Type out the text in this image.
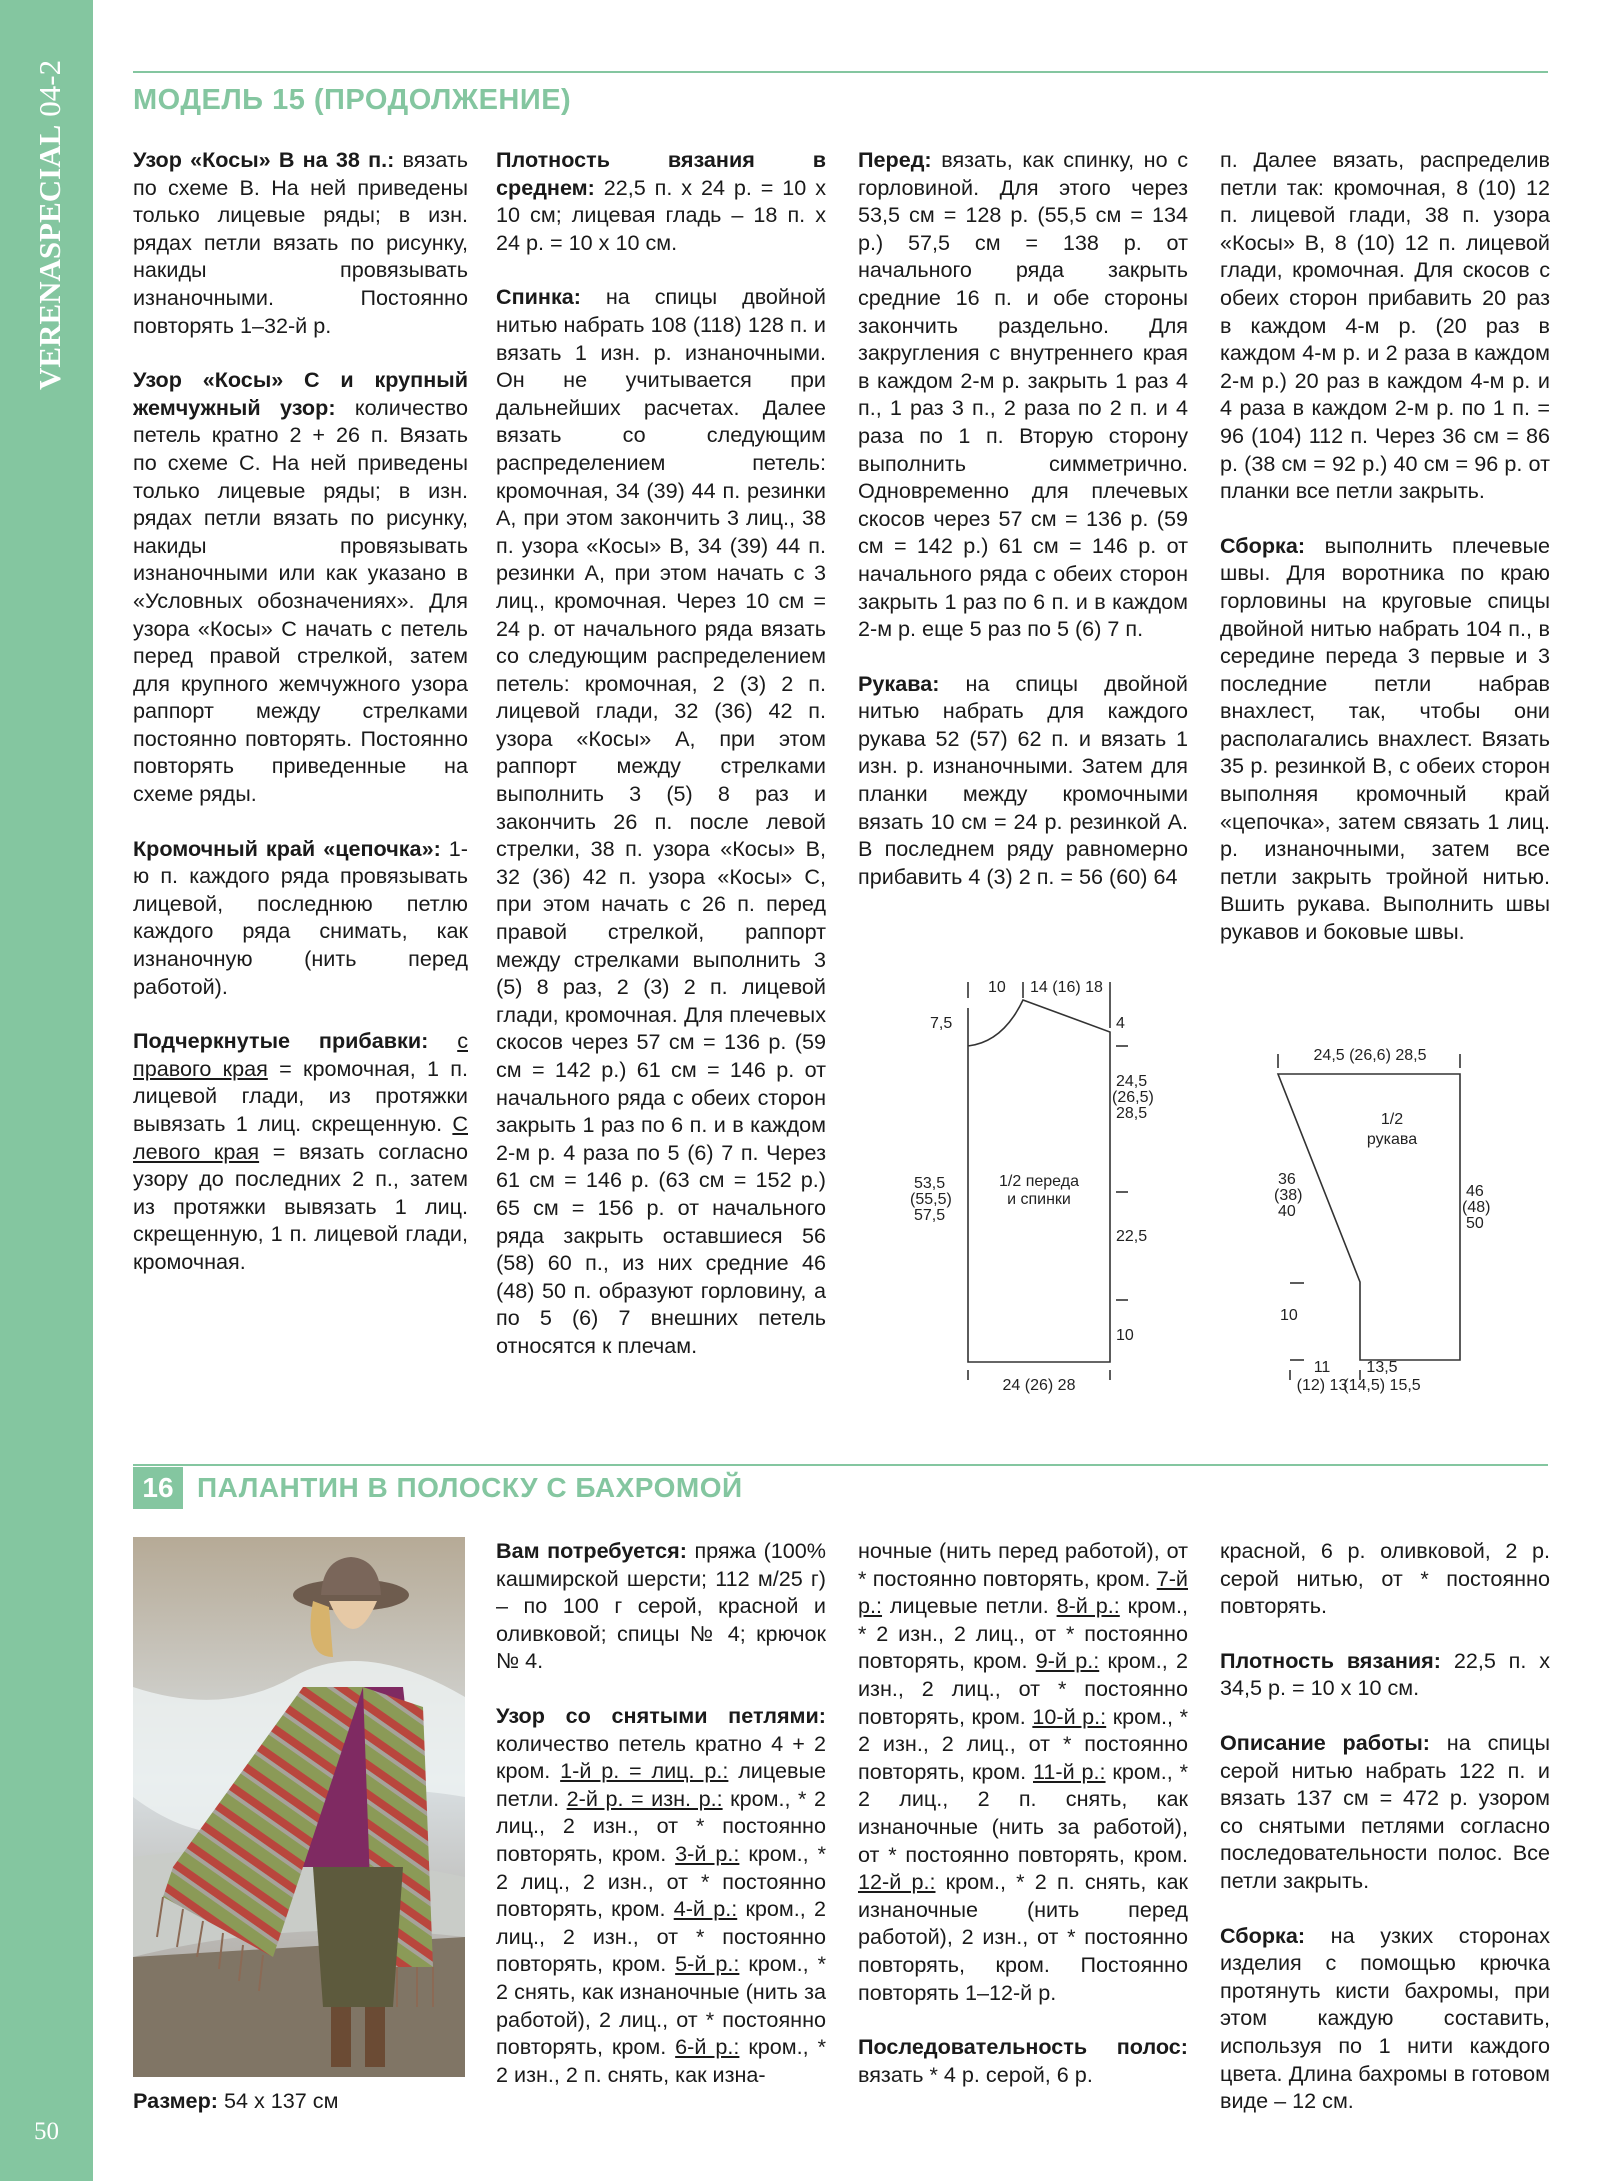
VERENASPECIAL04-2025
50
МОДЕЛЬ 15 (ПРОДОЛЖЕНИЕ)

Узор «Косы» В на 38 п.: вязать по схеме В. На ней приведены только лицевые ряды; в изн. рядах петли вязать по рисунку, накиды провязывать изнаночными. Постоянно повторять 1–32-й р.

Узор «Косы» С и крупный жемчужный узор: количество петель кратно 2 + 26 п. Вязать по схеме С. На ней приведены только лицевые ряды; в изн. рядах петли вязать по рисунку, накиды провязывать изнаночными или как указано в «Условных обозначениях». Для узора «Косы» С начать с петель перед правой стрелкой, затем для крупного жемчужного узора раппорт между стрелками постоянно повторять. Постоянно повторять приведенные на схеме ряды.

Кромочный край «цепочка»: 1-ю п. каждого ряда провязывать лицевой, последнюю петлю каждого ряда снимать, как изнаночную (нить перед работой).

Подчеркнутые прибавки: с правого края = кромочная, 1 п. лицевой глади, из протяжки вывязать 1 лиц. скрещенную. С левого края = вязать согласно узору до последних 2 п., затем из протяжки вывязать 1 лиц. скрещенную, 1 п. лицевой глади, кромочная.

Плотность вязания в среднем: 22,5 п. х 24 р. = 10 х 10 см; лицевая гладь – 18 п. х 24 р. = 10 х 10 см.

Спинка: на спицы двойной нитью набрать 108 (118) 128 п. и вязать 1 изн. р. изнаночными. Он не учитывается при дальнейших расчетах. Далее вязать со следующим распределением петель: кромочная, 34 (39) 44 п. резинки А, при этом закончить 3 лиц., 38 п. узора «Косы» В, 34 (39) 44 п. резинки А, при этом начать с 3 лиц., кромочная. Через 10 см = 24 р. от начального ряда вязать со следующим распределением петель: кромочная, 2 (3) 2 п. лицевой глади, 32 (36) 42 п. узора «Косы» А, при этом раппорт между стрелками выполнить 3 (5) 8 раз и закончить 26 п. после левой стрелки, 38 п. узора «Косы» В, 32 (36) 42 п. узора «Косы» С, при этом начать с 26 п. перед правой стрелкой, раппорт между стрелками выполнить 3 (5) 8 раз, 2 (3) 2 п. лицевой глади, кромочная. Для плечевых скосов через 57 см = 136 р. (59 см = 142 р.) 61 см = 146 р. от начального ряда с обеих сторон закрыть 1 раз по 6 п. и в каждом 2-м р. 4 раза по 5 (6) 7 п. Через 61 см = 146 р. (63 см = 152 р.) 65 см = 156 р. от начального ряда закрыть оставшиеся 56 (58) 60 п., из них средние 46 (48) 50 п. образуют горловину, а по 5 (6) 7 внешних петель относятся к плечам.

Перед: вязать, как спинку, но с горловиной. Для этого через 53,5 см = 128 р. (55,5 см = 134 р.) 57,5 см = 138 р. от начального ряда закрыть средние 16 п. и обе стороны закончить раздельно. Для закругления с внутреннего края в каждом 2-м р. закрыть 1 раз 4 п., 1 раз 3 п., 2 раза по 2 п. и 4 раза по 1 п. Вторую сторону выполнить симметрично. Одновременно для плечевых скосов через 57 см = 136 р. (59 см = 142 р.) 61 см = 146 р. от начального ряда с обеих сторон закрыть 1 раз по 6 п. и в каждом 2-м р. еще 5 раз по 5 (6) 7 п.

Рукава: на спицы двойной нитью набрать для каждого рукава 52 (57) 62 п. и вязать 1 изн. р. изнаночными. Затем для планки между кромочными вязать 10 см = 24 р. резинкой А. В последнем ряду равномерно прибавить 4 (3) 2 п. = 56 (60) 64

п. Далее вязать, распределив петли так: кромочная, 8 (10) 12 п. лицевой глади, 38 п. узора «Косы» В, 8 (10) 12 п. лицевой глади, кромочная. Для скосов с обеих сторон прибавить 20 раз в каждом 4-м р. (20 раз в каждом 4-м р. и 2 раза в каждом 2-м р.) 20 раз в каждом 4-м р. и 4 раза в каждом 2-м р. по 1 п. = 96 (104) 112 п. Через 36 см = 86 р. (38 см = 92 р.) 40 см = 96 р. от планки все петли закрыть.

Сборка: выполнить плечевые швы. Для воротника по краю горловины на круговые спицы двойной нитью набрать 104 п., в середине переда 3 первые и 3 последние петли набрав внахлест, так, чтобы они располагались внахлест. Вязать 35 р. резинкой В, с обеих сторон выполняя кромочный край «цепочка», затем связать 1 лиц. р. изнаночными, затем все петли закрыть тройной нитью. Вшить рукава. Выполнить швы рукавов и боковые швы.

10 14 (16) 18
7,5	4
24,5
(26,5)
28,5
53,5
(55,5)
57,5
1/2 переда
и спинки
22,5
10
24 (26) 28
24,5 (26,6) 28,5
1/2
рукава
36
(38)
40
46
(48)
50
10
11 13,5
(12) 13
(14,5) 15,5
16 ПАЛАНТИН В ПОЛОСКУ С БАХРОМОЙ
Размер: 54 х 137 см

Вам потребуется: пряжа (100% кашмирской шерсти; 112 м/25 г) – по 100 г серой, красной и оливковой; спицы № 4; крючок № 4.

Узор со снятыми петлями: количество петель кратно 4 + 2 кром. 1-й р. = лиц. р.: лицевые петли. 2-й р. = изн. р.: кром., * 2 лиц., 2 изн., от * постоянно повторять, кром. 3-й р.: кром., * 2 лиц., 2 изн., от * постоянно повторять, кром. 4-й р.: кром., 2 лиц., 2 изн., от * постоянно повторять, кром. 5-й р.: кром., * 2 снять, как изнаночные (нить за работой), 2 лиц., от * постоянно повторять, кром. 6-й р.: кром., * 2 изн., 2 п. снять, как изна-

ночные (нить перед работой), от * постоянно повторять, кром. 7-й р.: лицевые петли. 8-й р.: кром., * 2 изн., 2 лиц., от * постоянно повторять, кром. 9-й р.: кром., 2 изн., 2 лиц., от * постоянно повторять, кром. 10-й р.: кром., * 2 изн., 2 лиц., от * постоянно повторять, кром. 11-й р.: кром., * 2 лиц., 2 п. снять, как изнаночные (нить за работой), от * постоянно повторять, кром. 12-й р.: кром., * 2 п. снять, как изнаночные (нить перед работой), 2 изн., от * постоянно повторять, кром. Постоянно повторять 1–12-й р.

Последовательность полос: вязать * 4 р. серой, 6 р.

красной, 6 р. оливковой, 2 р. серой нитью, от * постоянно повторять.

Плотность вязания: 22,5 п. х 34,5 р. = 10 х 10 см.

Описание работы: на спицы серой нитью набрать 122 п. и вязать 137 см = 472 р. узором со снятыми петлями согласно последовательности полос. Все петли закрыть.

Сборка: на узких сторонах изделия с помощью крючка протянуть кисти бахромы, при этом каждую составить, используя по 1 нити каждого цвета. Длина бахромы в готовом виде – 12 см.
